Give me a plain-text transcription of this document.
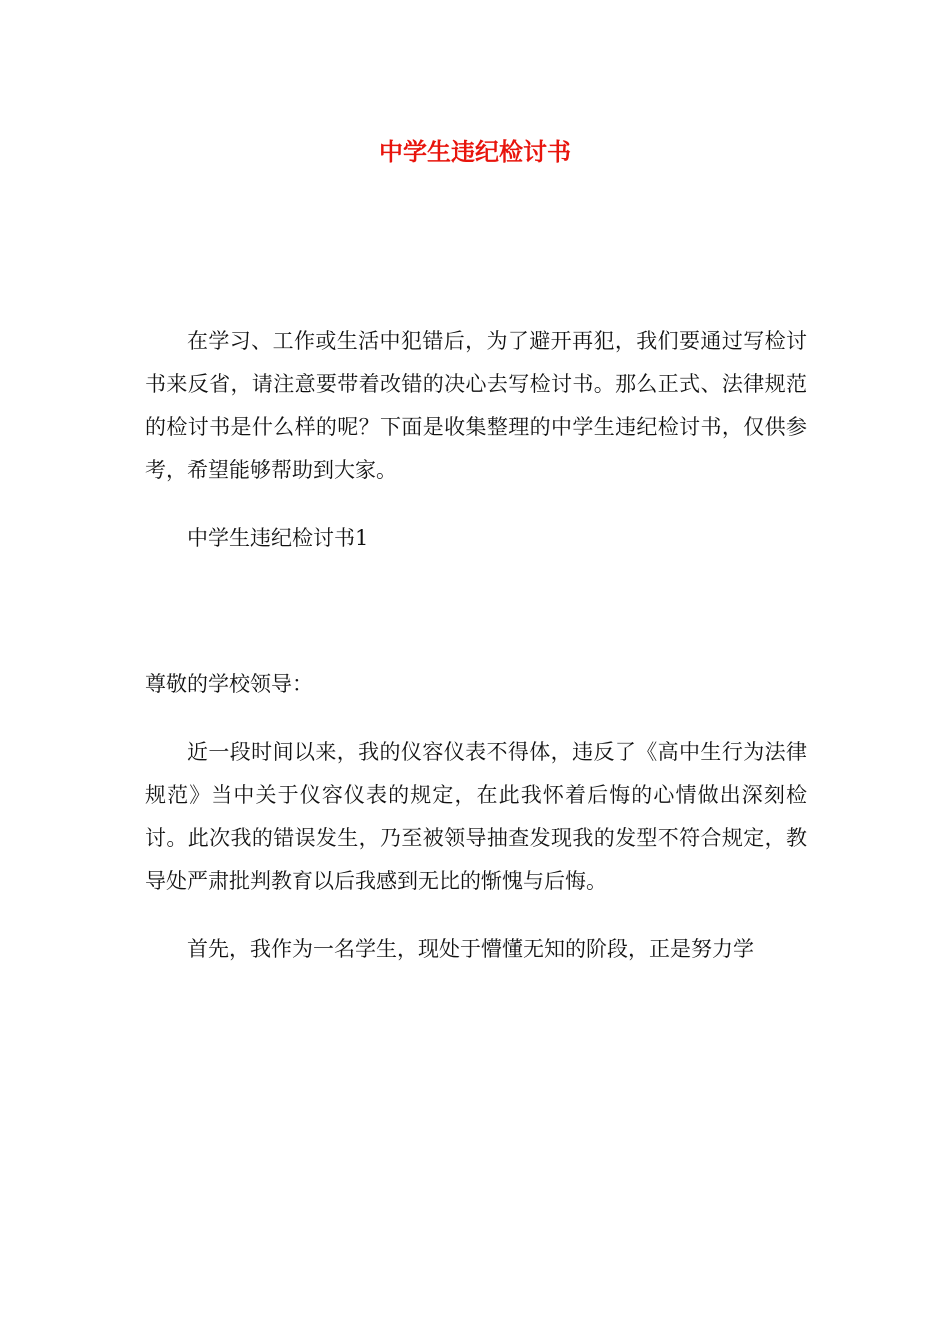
中学生违纪检讨书

在学习、工作或生活中犯错后，为了避开再犯，我们要通过写检讨书来反省，请注意要带着改错的决心去写检讨书。那么正式、法律规范的检讨书是什么样的呢？下面是收集整理的中学生违纪检讨书，仅供参考，希望能够帮助到大家。

中学生违纪检讨书1

尊敬的学校领导：

近一段时间以来，我的仪容仪表不得体，违反了《高中生行为法律规范》当中关于仪容仪表的规定，在此我怀着后悔的心情做出深刻检讨。此次我的错误发生，乃至被领导抽查发现我的发型不符合规定，教导处严肃批判教育以后我感到无比的惭愧与后悔。

首先，我作为一名学生，现处于懵懂无知的阶段，正是努力学
